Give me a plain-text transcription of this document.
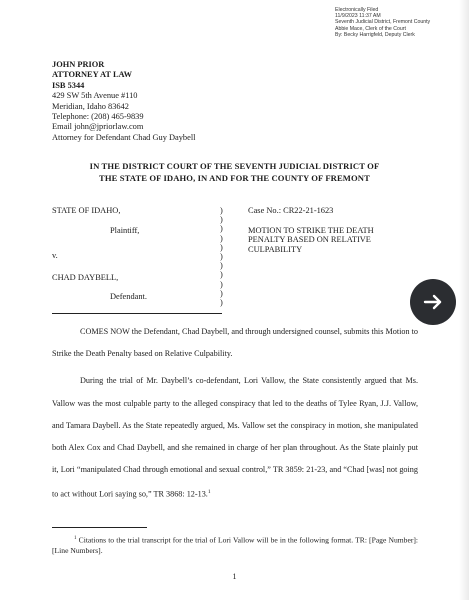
Electronically Filed
11/9/2023 11:37 AM
Seventh Judicial District, Fremont County
Abbie Mace, Clerk of the Court
By: Becky Harrigfeld, Deputy Clerk
JOHN PRIOR
ATTORNEY AT LAW
ISB 5344
429 SW 5th Avenue #110
Meridian, Idaho 83642
Telephone: (208) 465-9839
Email john@jpriorlaw.com
Attorney for Defendant Chad Guy Daybell
IN THE DISTRICT COURT OF THE SEVENTH JUDICIAL DISTRICT OF
THE STATE OF IDAHO, IN AND FOR THE COUNTY OF FREMONT
STATE OF IDAHO,
Plaintiff,
v.
CHAD DAYBELL,
Defendant.
)
)
)
)
)
)
)
)
)
)
)
Case No.: CR22-21-1623
MOTION TO STRIKE THE DEATH
PENALTY BASED ON RELATIVE
CULPABILITY

COMES NOW the Defendant, Chad Daybell, and through undersigned counsel, submits this Motion to Strike the Death Penalty based on Relative Culpability.

During the trial of Mr. Daybell’s co-defendant, Lori Vallow, the State consistently argued that Ms. Vallow was the most culpable party to the alleged conspiracy that led to the deaths of Tylee Ryan, J.J. Vallow, and Tamara Daybell. As the State repeatedly argued, Ms. Vallow set the conspiracy in motion, she manipulated both Alex Cox and Chad Daybell, and she remained in charge of her plan throughout. As the State plainly put it, Lori “manipulated Chad through emotional and sexual control,” TR 3859: 21-23, and “Chad [was] not going to act without Lori saying so,” TR 3868: 12-13.$^1$

$^1$ Citations to the trial transcript for the trial of Lori Vallow will be in the following format. TR: [Page Number]: [Line Numbers].
1
